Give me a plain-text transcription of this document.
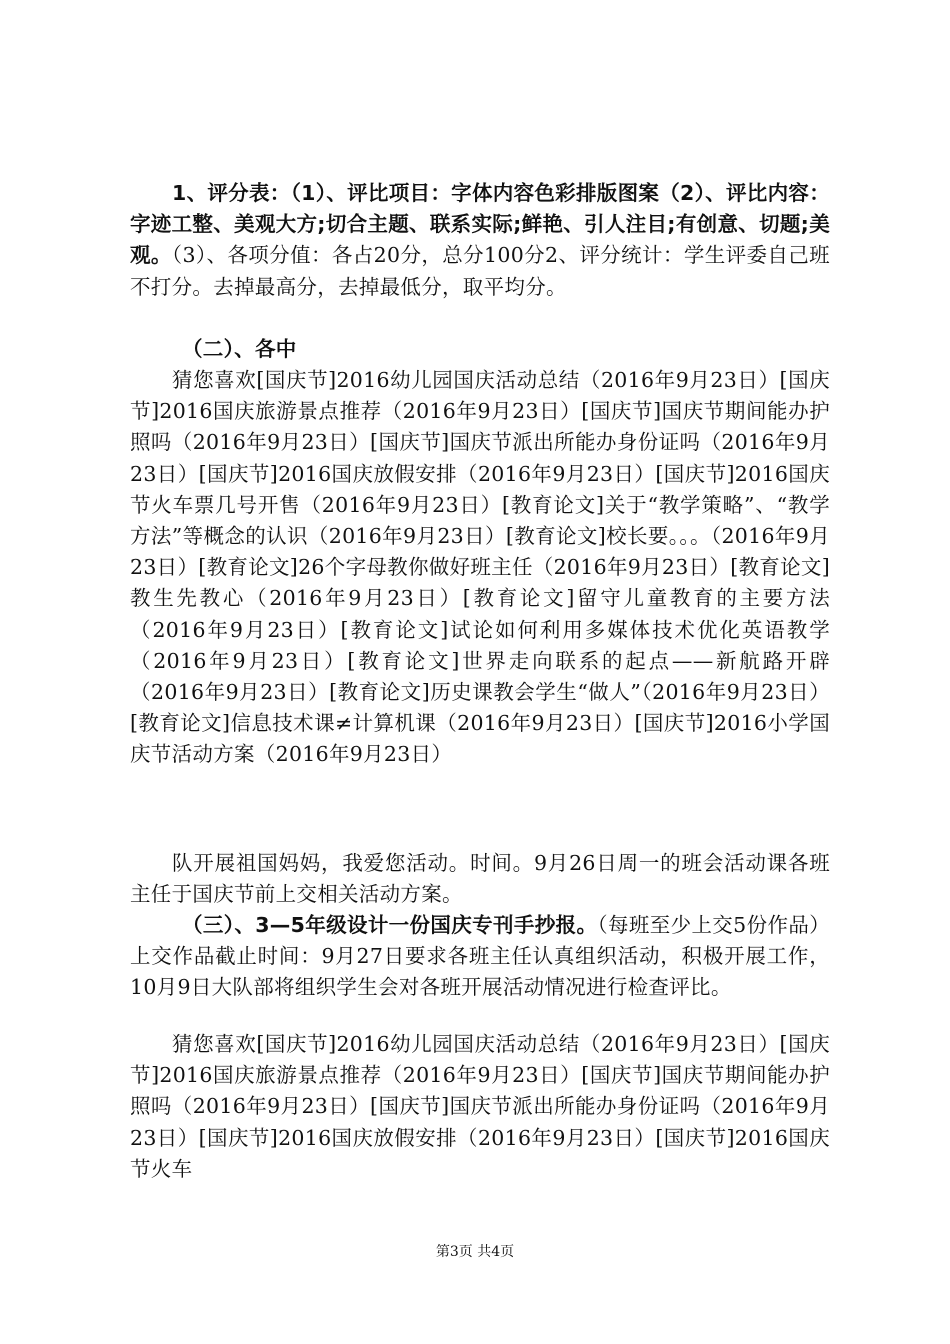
1、评分表：（1）、评比项目：字体内容色彩排版图案（2）、评比内容：字迹工整、美观大方;切合主题、联系实际;鲜艳、引人注目;有创意、切题;美观。（3）、各项分值：各占20分，总分100分2、评分统计：学生评委自己班不打分。去掉最高分，去掉最低分，取平均分。

（二）、各中

猜您喜欢[国庆节]2016幼儿园国庆活动总结（2016年9月23日）[国庆节]2016国庆旅游景点推荐（2016年9月23日）[国庆节]国庆节期间能办护照吗（2016年9月23日）[国庆节]国庆节派出所能办身份证吗（2016年9月23日）[国庆节]2016国庆放假安排（2016年9月23日）[国庆节]2016国庆节火车票几号开售（2016年9月23日）[教育论文]关于“教学策略”、“教学方法”等概念的认识（2016年9月23日）[教育论文]校长要。。。（2016年9月23日）[教育论文]26个字母教你做好班主任（2016年9月23日）[教育论文]教生先教心（2016年9月23日）[教育论文]留守儿童教育的主要方法（2016年9月23日）[教育论文]试论如何利用多媒体技术优化英语教学（2016年9月23日）[教育论文]世界走向联系的起点——新航路开辟（2016年9月23日）[教育论文]历史课教会学生“做人”（2016年9月23日）[教育论文]信息技术课≠计算机课（2016年9月23日）[国庆节]2016小学国庆节活动方案（2016年9月23日）

队开展祖国妈妈，我爱您活动。时间。9月26日周一的班会活动课各班主任于国庆节前上交相关活动方案。

（三）、3—5年级设计一份国庆专刊手抄报。（每班至少上交5份作品）上交作品截止时间：9月27日要求各班主任认真组织活动，积极开展工作，10月9日大队部将组织学生会对各班开展活动情况进行检查评比。

猜您喜欢[国庆节]2016幼儿园国庆活动总结（2016年9月23日）[国庆节]2016国庆旅游景点推荐（2016年9月23日）[国庆节]国庆节期间能办护照吗（2016年9月23日）[国庆节]国庆节派出所能办身份证吗（2016年9月23日）[国庆节]2016国庆放假安排（2016年9月23日）[国庆节]2016国庆节火车

第3页 共4页
